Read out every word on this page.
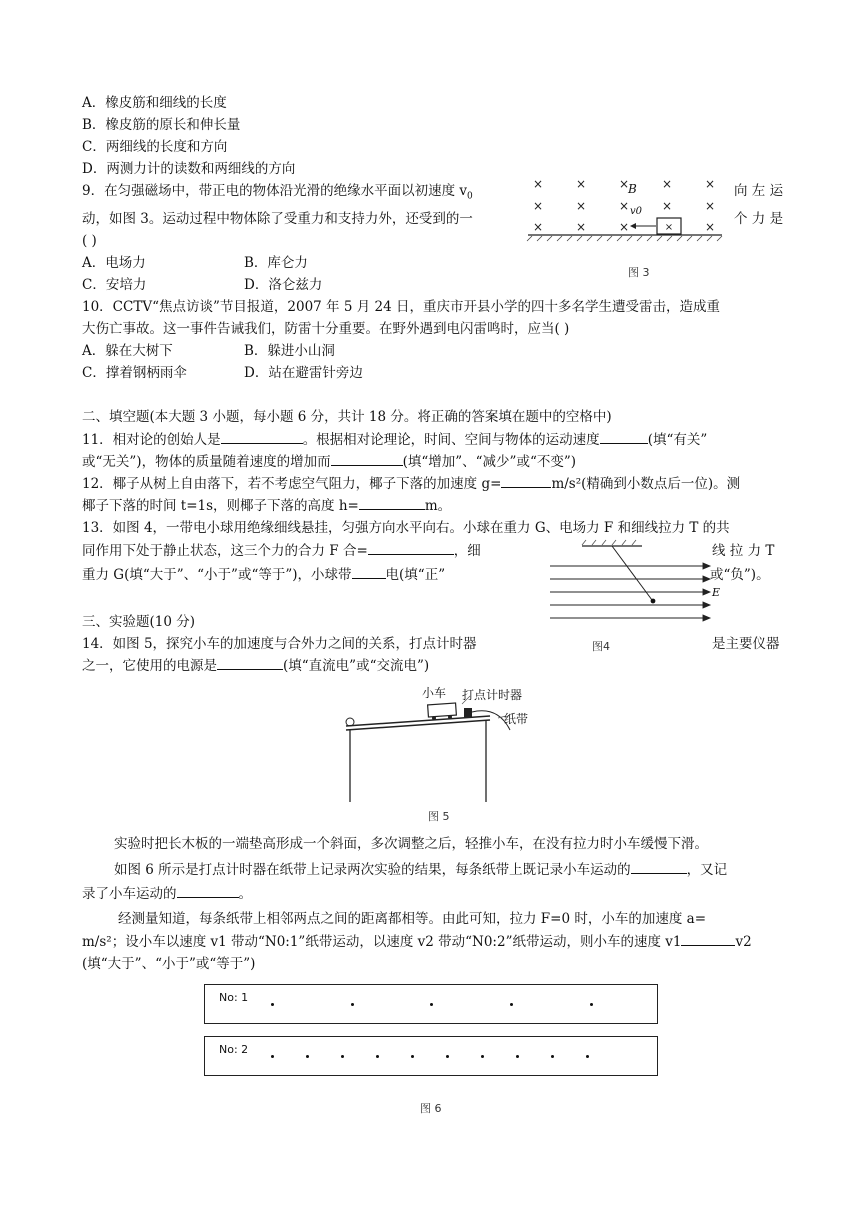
A．橡皮筋和细线的长度
B．橡皮筋的原长和伸长量
C．两细线的长度和方向
D．两测力计的读数和两细线的方向
9．在匀强磁场中，带正电的物体沿光滑的绝缘水平面以初速度 $v_0$	向 左 运
动，如图 3。运动过程中物体除了受重力和支持力外，还受到的一	个 力 是
( )
A．电场力	B．库仑力
C．安培力	D．洛仑兹力
×	×	×	×	×
×	×	×	×	×
×	×	×	×
×
B
v0
图 3
10．CCTV“焦点访谈”节目报道，2007 年 5 月 24 日，重庆市开县小学的四十多名学生遭受雷击，造成重
大伤亡事故。这一事件告诫我们，防雷十分重要。在野外遇到电闪雷鸣时，应当( )
A．躲在大树下	B．躲进小山洞
C．撑着钢柄雨伞	D．站在避雷针旁边
二、填空题(本大题 3 小题，每小题 6 分，共计 18 分。将正确的答案填在题中的空格中)
11．相对论的创始人是	。根据相对论理论，时间、空间与物体的运动速度	(填“有关”
或“无关”)，物体的质量随着速度的增加而	(填“增加”、“减少”或“不变”)
12．椰子从树上自由落下，若不考虑空气阻力，椰子下落的加速度 g=	m/s²(精确到小数点后一位)。测
椰子下落的时间 t=1s，则椰子下落的高度 h=	m。
13．如图 4，一带电小球用绝缘细线悬挂，匀强方向水平向右。小球在重力 G、电场力 F 和细线拉力 T 的共
同作用下处于静止状态，这三个力的合力 F 合=	，细	线 拉 力 T
重力 G(填“大于”、“小于”或“等于”)，小球带	电(填“正”	或“负”)。
E
图4
三、实验题(10 分)
14．如图 5，探究小车的加速度与合外力之间的关系，打点计时器	是主要仪器
之一，它使用的电源是	(填“直流电”或“交流电”)
小车 打点计时器
纸带
图 5
实验时把长木板的一端垫高形成一个斜面，多次调整之后，轻推小车，在没有拉力时小车缓慢下滑。
如图 6 所示是打点计时器在纸带上记录两次实验的结果，每条纸带上既记录小车运动的	，又记
录了小车运动的	。
经测量知道，每条纸带上相邻两点之间的距离都相等。由此可知，拉力 F=0 时，小车的加速度 a=
m/s²；设小车以速度 v1 带动“N0:1”纸带运动，以速度 v2 带动“N0:2”纸带运动，则小车的速度 v1	v2
(填“大于”、“小于”或“等于”)
No: 1
No: 2
图 6
